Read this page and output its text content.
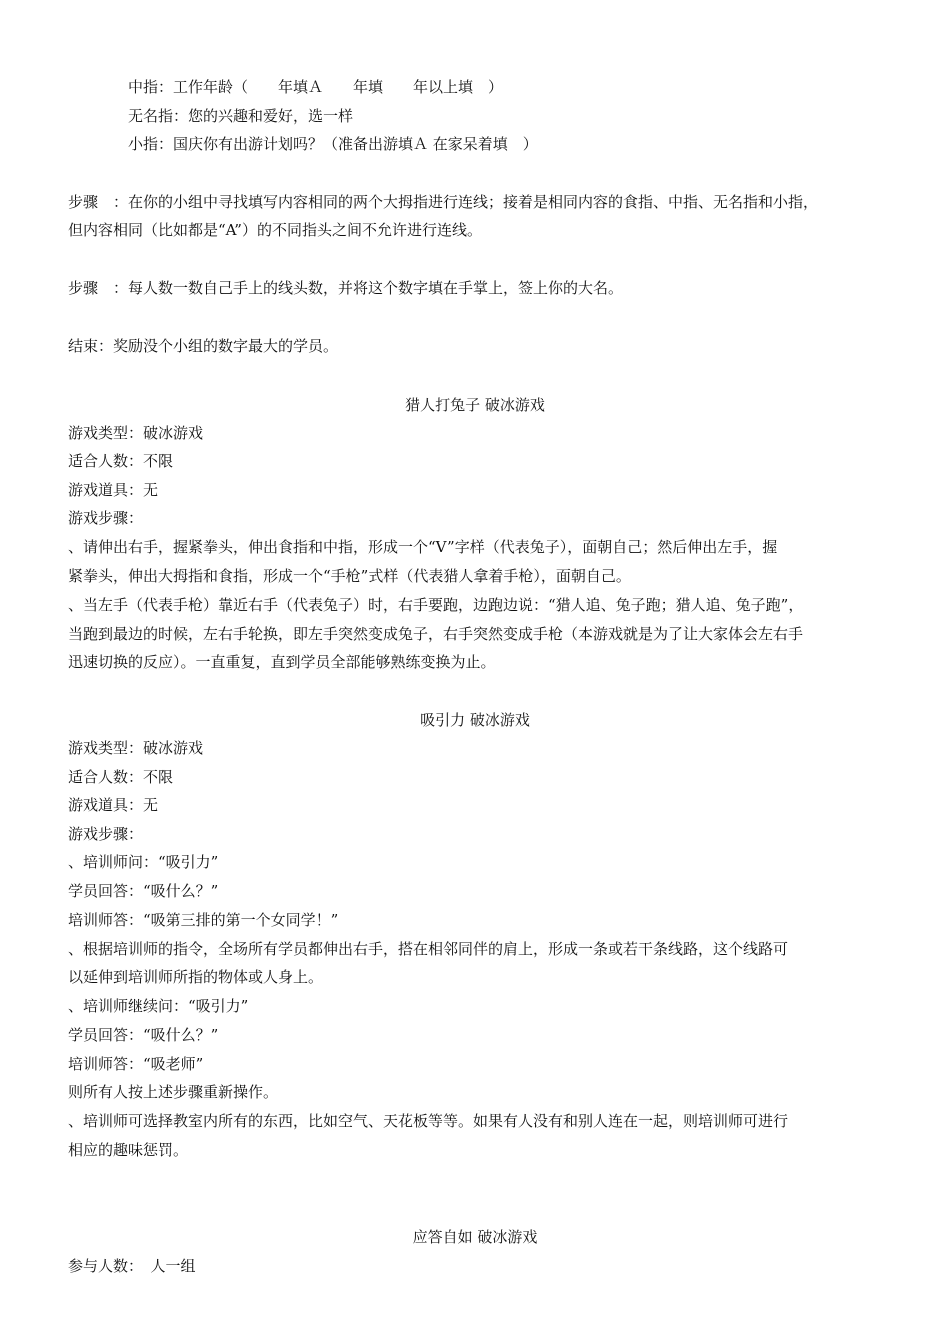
中指：工作年龄（　　年填Ａ　　年填　　年以上填　）
无名指：您的兴趣和爱好，选一样
小指：国庆你有出游计划吗？（准备出游填Ａ 在家呆着填　）
步骤　：在你的小组中寻找填写内容相同的两个大拇指进行连线；接着是相同内容的食指、中指、无名指和小指，
但内容相同（比如都是“A”）的不同指头之间不允许进行连线。
步骤　：每人数一数自己手上的线头数，并将这个数字填在手掌上，签上你的大名。
结束：奖励没个小组的数字最大的学员。
猎人打兔子 破冰游戏
游戏类型：破冰游戏
适合人数：不限
游戏道具：无
游戏步骤：
、请伸出右手，握紧拳头，伸出食指和中指，形成一个“V”字样（代表兔子），面朝自己；然后伸出左手，握
紧拳头，伸出大拇指和食指，形成一个“手枪”式样（代表猎人拿着手枪），面朝自己。
、当左手（代表手枪）靠近右手（代表兔子）时，右手要跑，边跑边说：“猎人追、兔子跑；猎人追、兔子跑”，
当跑到最边的时候，左右手轮换，即左手突然变成兔子，右手突然变成手枪（本游戏就是为了让大家体会左右手
迅速切换的反应）。一直重复，直到学员全部能够熟练变换为止。
吸引力 破冰游戏
游戏类型：破冰游戏
适合人数：不限
游戏道具：无
游戏步骤：
、培训师问：“吸引力”
学员回答：“吸什么？”
培训师答：“吸第三排的第一个女同学！”
、根据培训师的指令，全场所有学员都伸出右手，搭在相邻同伴的肩上，形成一条或若干条线路，这个线路可
以延伸到培训师所指的物体或人身上。
、培训师继续问：“吸引力”
学员回答：“吸什么？”
培训师答：“吸老师”
则所有人按上述步骤重新操作。
、培训师可选择教室内所有的东西，比如空气、天花板等等。如果有人没有和别人连在一起，则培训师可进行
相应的趣味惩罚。
应答自如 破冰游戏
参与人数：　人一组
